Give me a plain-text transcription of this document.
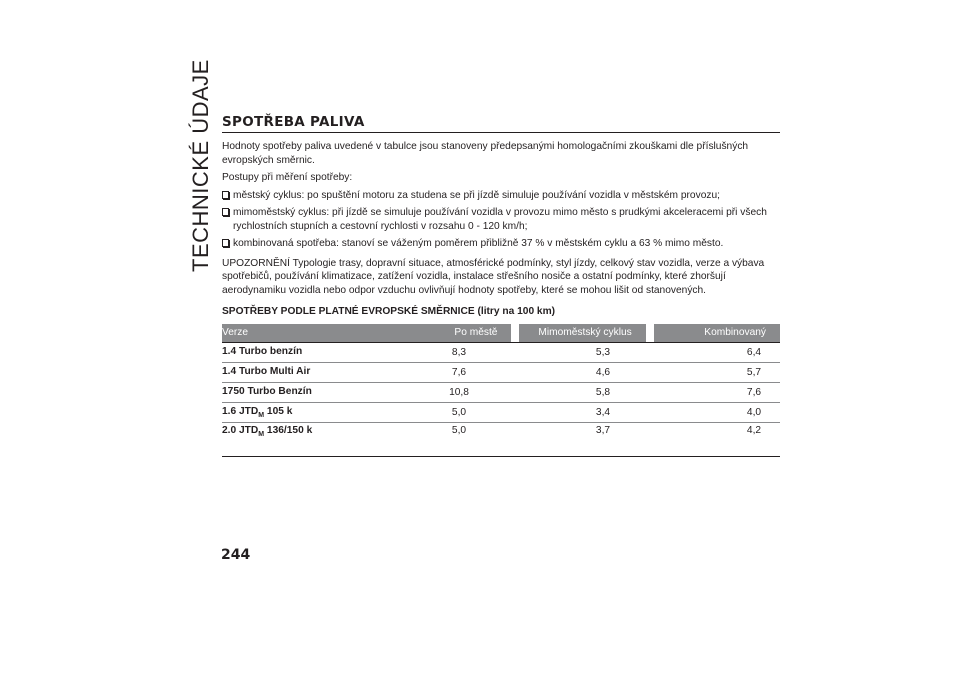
TECHNICKÉ ÚDAJE SPOTŘEBA PALIVA

Hodnoty spotřeby paliva uvedené v tabulce jsou stanoveny předepsanými homologačními zkouškami dle příslušných evropských směrnic.

Postupy při měření spotřeby:

městský cyklus: po spuštění motoru za studena se při jízdě simuluje používání vozidla v městském provozu;
mimoměstský cyklus: při jízdě se simuluje používání vozidla v provozu mimo město s prudkými akceleracemi při všech rychlostních stupních a cestovní rychlosti v rozsahu 0 - 120 km/h;
kombinovaná spotřeba: stanoví se váženým poměrem přibližně 37 % v městském cyklu a 63 % mimo město.

UPOZORNĚNÍ Typologie trasy, dopravní situace, atmosférické podmínky, styl jízdy, celkový stav vozidla, verze a výbava spotřebičů, používání klimatizace, zatížení vozidla, instalace střešního nosiče a ostatní podmínky, které zhoršují aerodynamiku vozidla nebo odpor vzduchu ovlivňují hodnoty spotřeby, které se mohou lišit od stanovených.

SPOTŘEBY PODLE PLATNÉ EVROPSKÉ SMĚRNICE (litry na 100 km)
Verze	Po městě	Mimoměstský cyklus	Kombinovaný
1.4 Turbo benzín	8,3	5,3	6,4
1.4 Turbo Multi Air	7,6	4,6	5,7
1750 Turbo Benzín	10,8	5,8	7,6
1.6 $JTD_M$ 105 k	5,0	3,4	4,0
2.0 $JTD_M$ 136/150 k	5,0	3,7	4,2
244
